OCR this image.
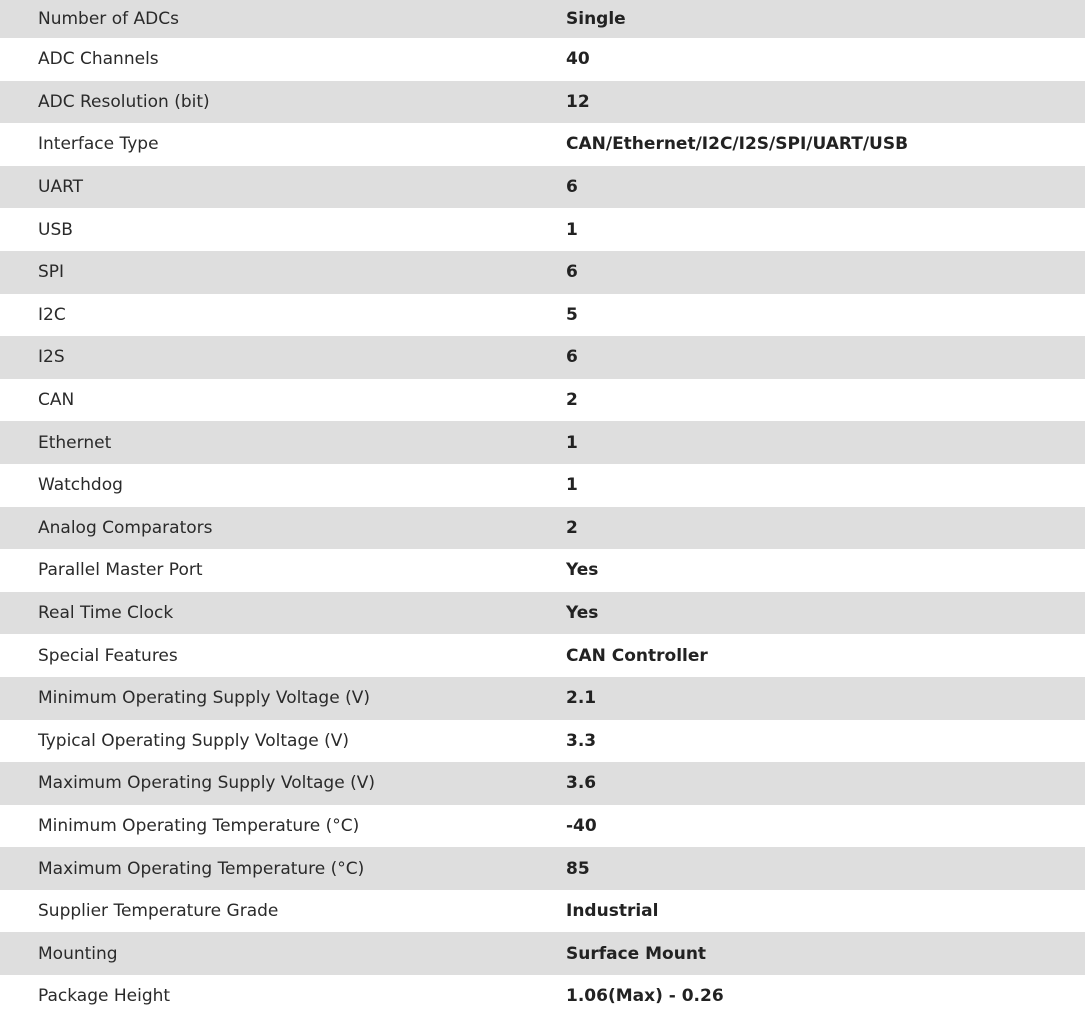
Number of ADCs	Single
ADC Channels	40
ADC Resolution (bit)	12
Interface Type	CAN/Ethernet/I2C/I2S/SPI/UART/USB
UART	6
USB	1
SPI	6
I2C	5
I2S	6
CAN	2
Ethernet	1
Watchdog	1
Analog Comparators	2
Parallel Master Port	Yes
Real Time Clock	Yes
Special Features	CAN Controller
Minimum Operating Supply Voltage (V)	2.1
Typical Operating Supply Voltage (V)	3.3
Maximum Operating Supply Voltage (V)	3.6
Minimum Operating Temperature (°C)	-40
Maximum Operating Temperature (°C)	85
Supplier Temperature Grade	Industrial
Mounting	Surface Mount
Package Height	1.06(Max) - 0.26
